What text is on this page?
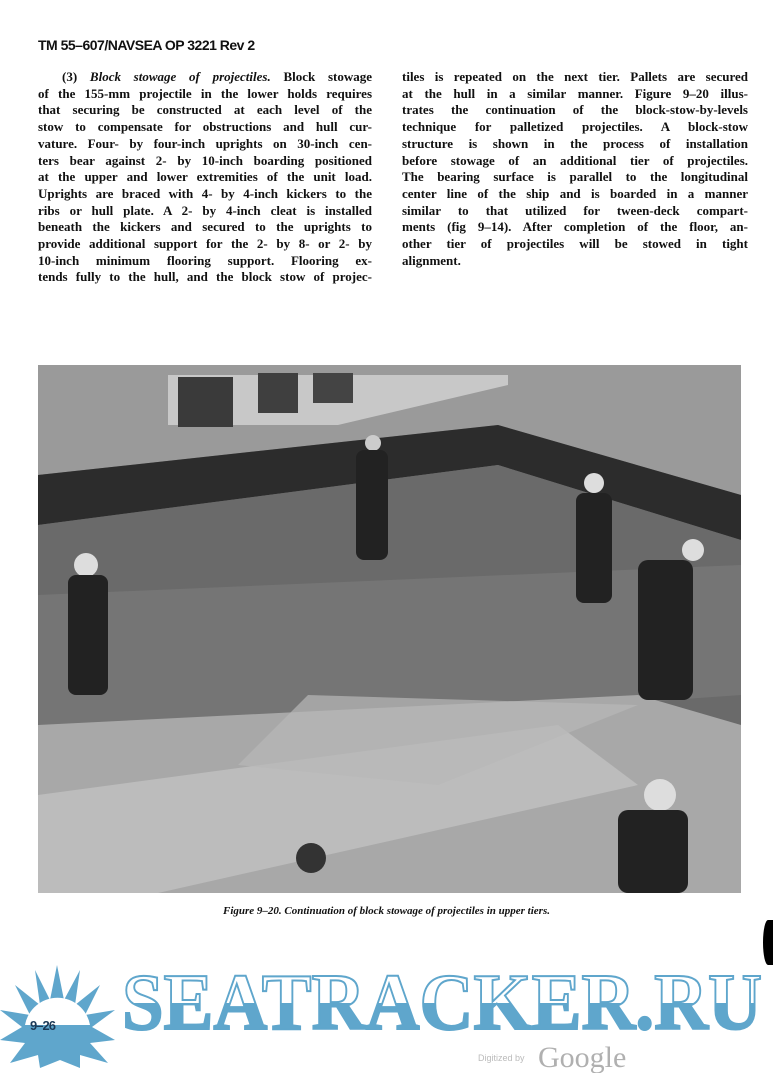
TM 55–607/NAVSEA OP 3221 Rev 2
(3) Block stowage of projectiles. Block stowage
of the 155-mm projectile in the lower holds requires
that securing be constructed at each level of the
stow to compensate for obstructions and hull cur-
vature. Four- by four-inch uprights on 30-inch cen-
ters bear against 2- by 10-inch boarding positioned
at the upper and lower extremities of the unit load.
Uprights are braced with 4- by 4-inch kickers to the
ribs or hull plate. A 2- by 4-inch cleat is installed
beneath the kickers and secured to the uprights to
provide additional support for the 2- by 8- or 2- by
10-inch minimum flooring support. Flooring ex-
tends fully to the hull, and the block stow of projec-
tiles is repeated on the next tier. Pallets are secured
at the hull in a similar manner. Figure 9–20 illus-
trates the continuation of the block-stow-by-levels
technique for palletized projectiles. A block-stow
structure is shown in the process of installation
before stowage of an additional tier of projectiles.
The bearing surface is parallel to the longitudinal
center line of the ship and is boarded in a manner
similar to that utilized for tween-deck compart-
ments (fig 9–14). After completion of the floor, an-
other tier of projectiles will be stowed in tight
alignment.
Figure 9–20. Continuation of block stowage of projectiles in upper tiers.
SEATRACKER.RU
Digitized by Google
9–26
